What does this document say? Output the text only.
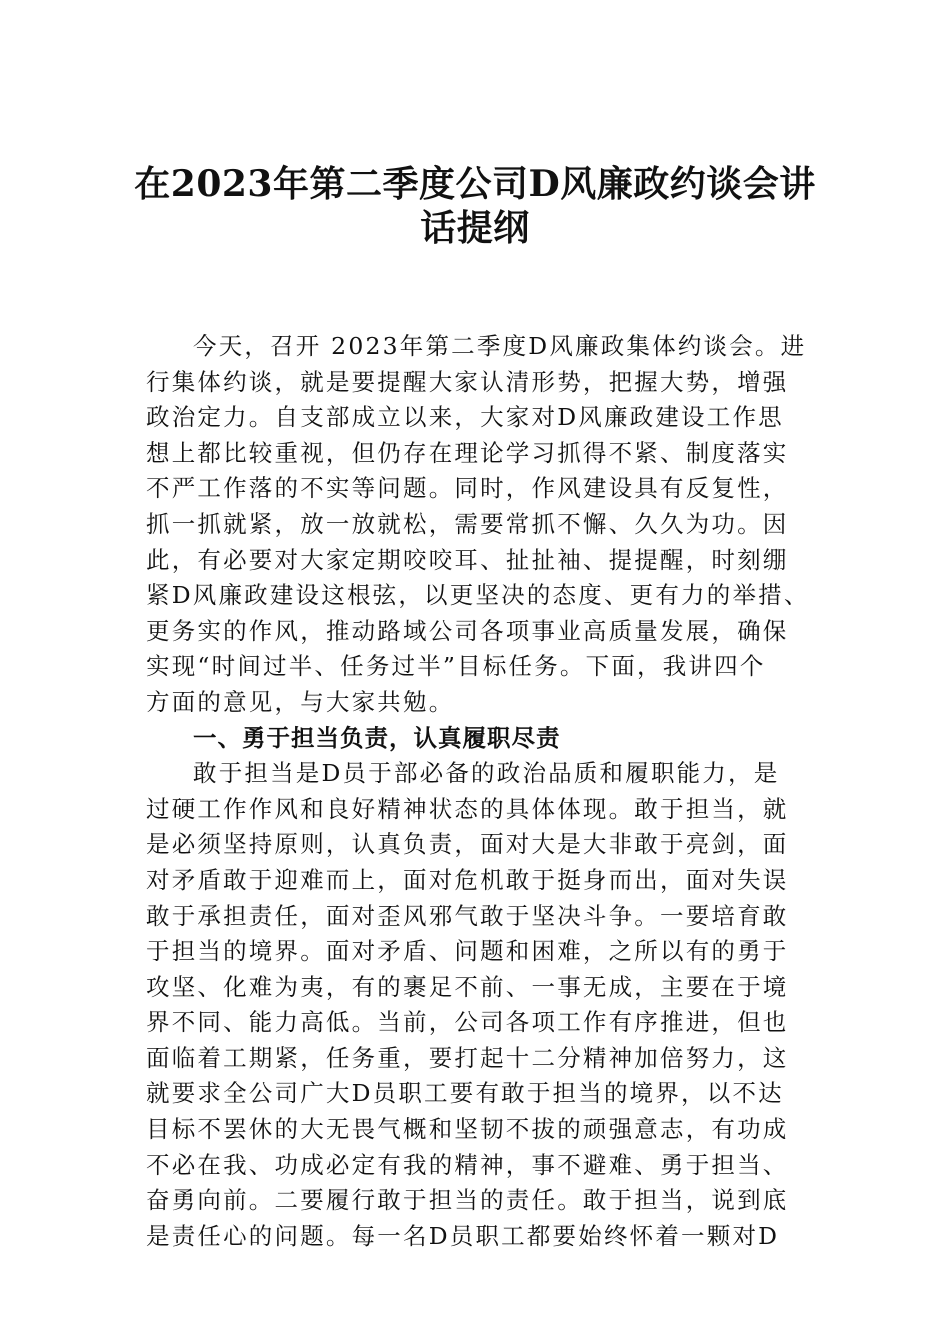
在2023年第二季度公司D风廉政约谈会讲
话提纲
今天，召开 2023年第二季度D风廉政集体约谈会。进
行集体约谈，就是要提醒大家认清形势，把握大势，增强
政治定力。自支部成立以来，大家对D风廉政建设工作思
想上都比较重视，但仍存在理论学习抓得不紧、制度落实
不严工作落的不实等问题。同时，作风建设具有反复性，
抓一抓就紧，放一放就松，需要常抓不懈、久久为功。因
此，有必要对大家定期咬咬耳、扯扯袖、提提醒，时刻绷
紧D风廉政建设这根弦，以更坚决的态度、更有力的举措、
更务实的作风，推动路域公司各项事业高质量发展，确保
实现“时间过半、任务过半”目标任务。下面，我讲四个
方面的意见，与大家共勉。
一、勇于担当负责，认真履职尽责
敢于担当是D员于部必备的政治品质和履职能力，是
过硬工作作风和良好精神状态的具体体现。敢于担当，就
是必须坚持原则，认真负责，面对大是大非敢于亮剑，面
对矛盾敢于迎难而上，面对危机敢于挺身而出，面对失误
敢于承担责任，面对歪风邪气敢于坚决斗争。一要培育敢
于担当的境界。面对矛盾、问题和困难，之所以有的勇于
攻坚、化难为夷，有的裹足不前、一事无成，主要在于境
界不同、能力高低。当前，公司各项工作有序推进，但也
面临着工期紧，任务重，要打起十二分精神加倍努力，这
就要求全公司广大D员职工要有敢于担当的境界，以不达
目标不罢休的大无畏气概和坚韧不拔的顽强意志，有功成
不必在我、功成必定有我的精神，事不避难、勇于担当、
奋勇向前。二要履行敢于担当的责任。敢于担当，说到底
是责任心的问题。每一名D员职工都要始终怀着一颗对D
